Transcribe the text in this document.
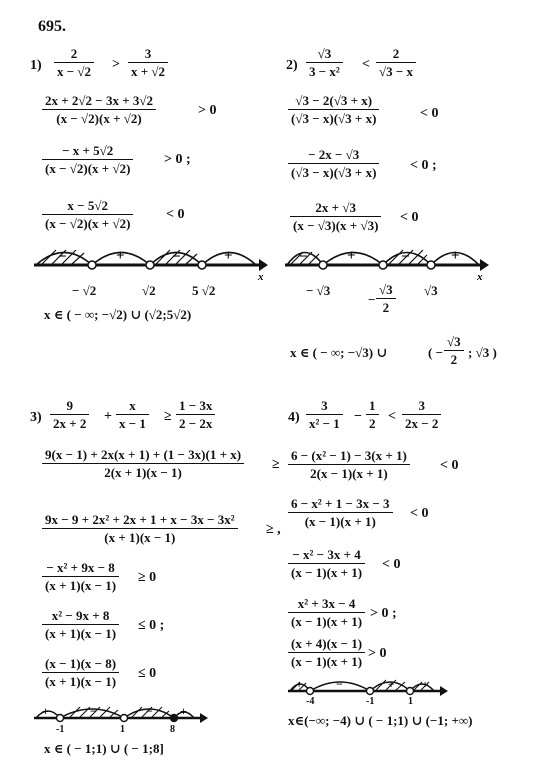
695.
$1) \frac{2}{x - √2} > \frac{3}{x + √2}$
$\frac{2x + 2√2 - 3x + 3√2}{(x - √2)(x + √2)}$	> 0
$\frac{- x + 5√2}{(x - √2)(x + √2)} > 0$ ;
$\frac{x - 5√2}{(x - √2)(x + √2)} < 0$
−	+	−	+
x
− √2	√2	5 √2
x ∈ ( − ∞; −√2) ∪ (√2;5√2)
$2) \frac{√3}{\text{3 − x²}} < \frac{2}{√3 - x}$
$\frac{√3 - 2(√3 + x)}{(√3 - x)(√3 + x)}$	< 0
$\frac{- 2x - √3}{(√3 - x)(√3 + x)} < 0$ ;
$\frac{2x + √3}{(x - √3)(x + √3)} < 0$
−	+	−	+
x
− √3
− $\frac{√3}{2} √3$
x ∈ ( − ∞; −√3) ∪	( − $\frac{√3}{2}$ ; √3 )
$3) \frac{9}{2x + 2} + \frac{x}{x - 1} \ge \frac{1 - 3x}{2 - 2x}$
$\frac{9(x - 1) + 2x(x + 1) + (1 - 3x)(1 + x)}{2(x + 1)(x - 1)}$ ≥
$\frac{\text{9x − 9 + 2x² + 2x + 1 + x − 3x − 3x²}}{(x + 1)(x - 1)}$ ≥ ,
$\frac{\text{− x² + 9x − 8}}{(x + 1)(x - 1)} \ge 0$
$\frac{\text{x² − 9x + 8}}{(x + 1)(x - 1)} \le 0$ ;
$\frac{(x - 1)(x - 8)}{(x + 1)(x - 1)} \le 0$
+	−	− +
-1	1	8
x ∈ ( − 1;1) ∪ ( − 1;8]
$4) \frac{3}{\text{x² − 1}} - \frac{1}{2} < \frac{3}{2x - 2}$
$\frac{\text{6 − (x² − 1) − 3(x + 1)}}{2(x - 1)(x + 1)} < 0$
$\frac{\text{6 − x² + 1 − 3x − 3}}{(x - 1)(x + 1)} < 0$
$\frac{\text{− x² − 3x + 4}}{(x - 1)(x + 1)} < 0$
$\frac{\text{x² + 3x − 4}}{(x - 1)(x + 1)} > 0$ ;
$\frac{(x + 4)(x - 1)}{(x - 1)(x + 1)} > 0$
+	−	+	+
-4	-1	1
x∈(−∞; −4) ∪ ( − 1;1) ∪ (−1; +∞)
